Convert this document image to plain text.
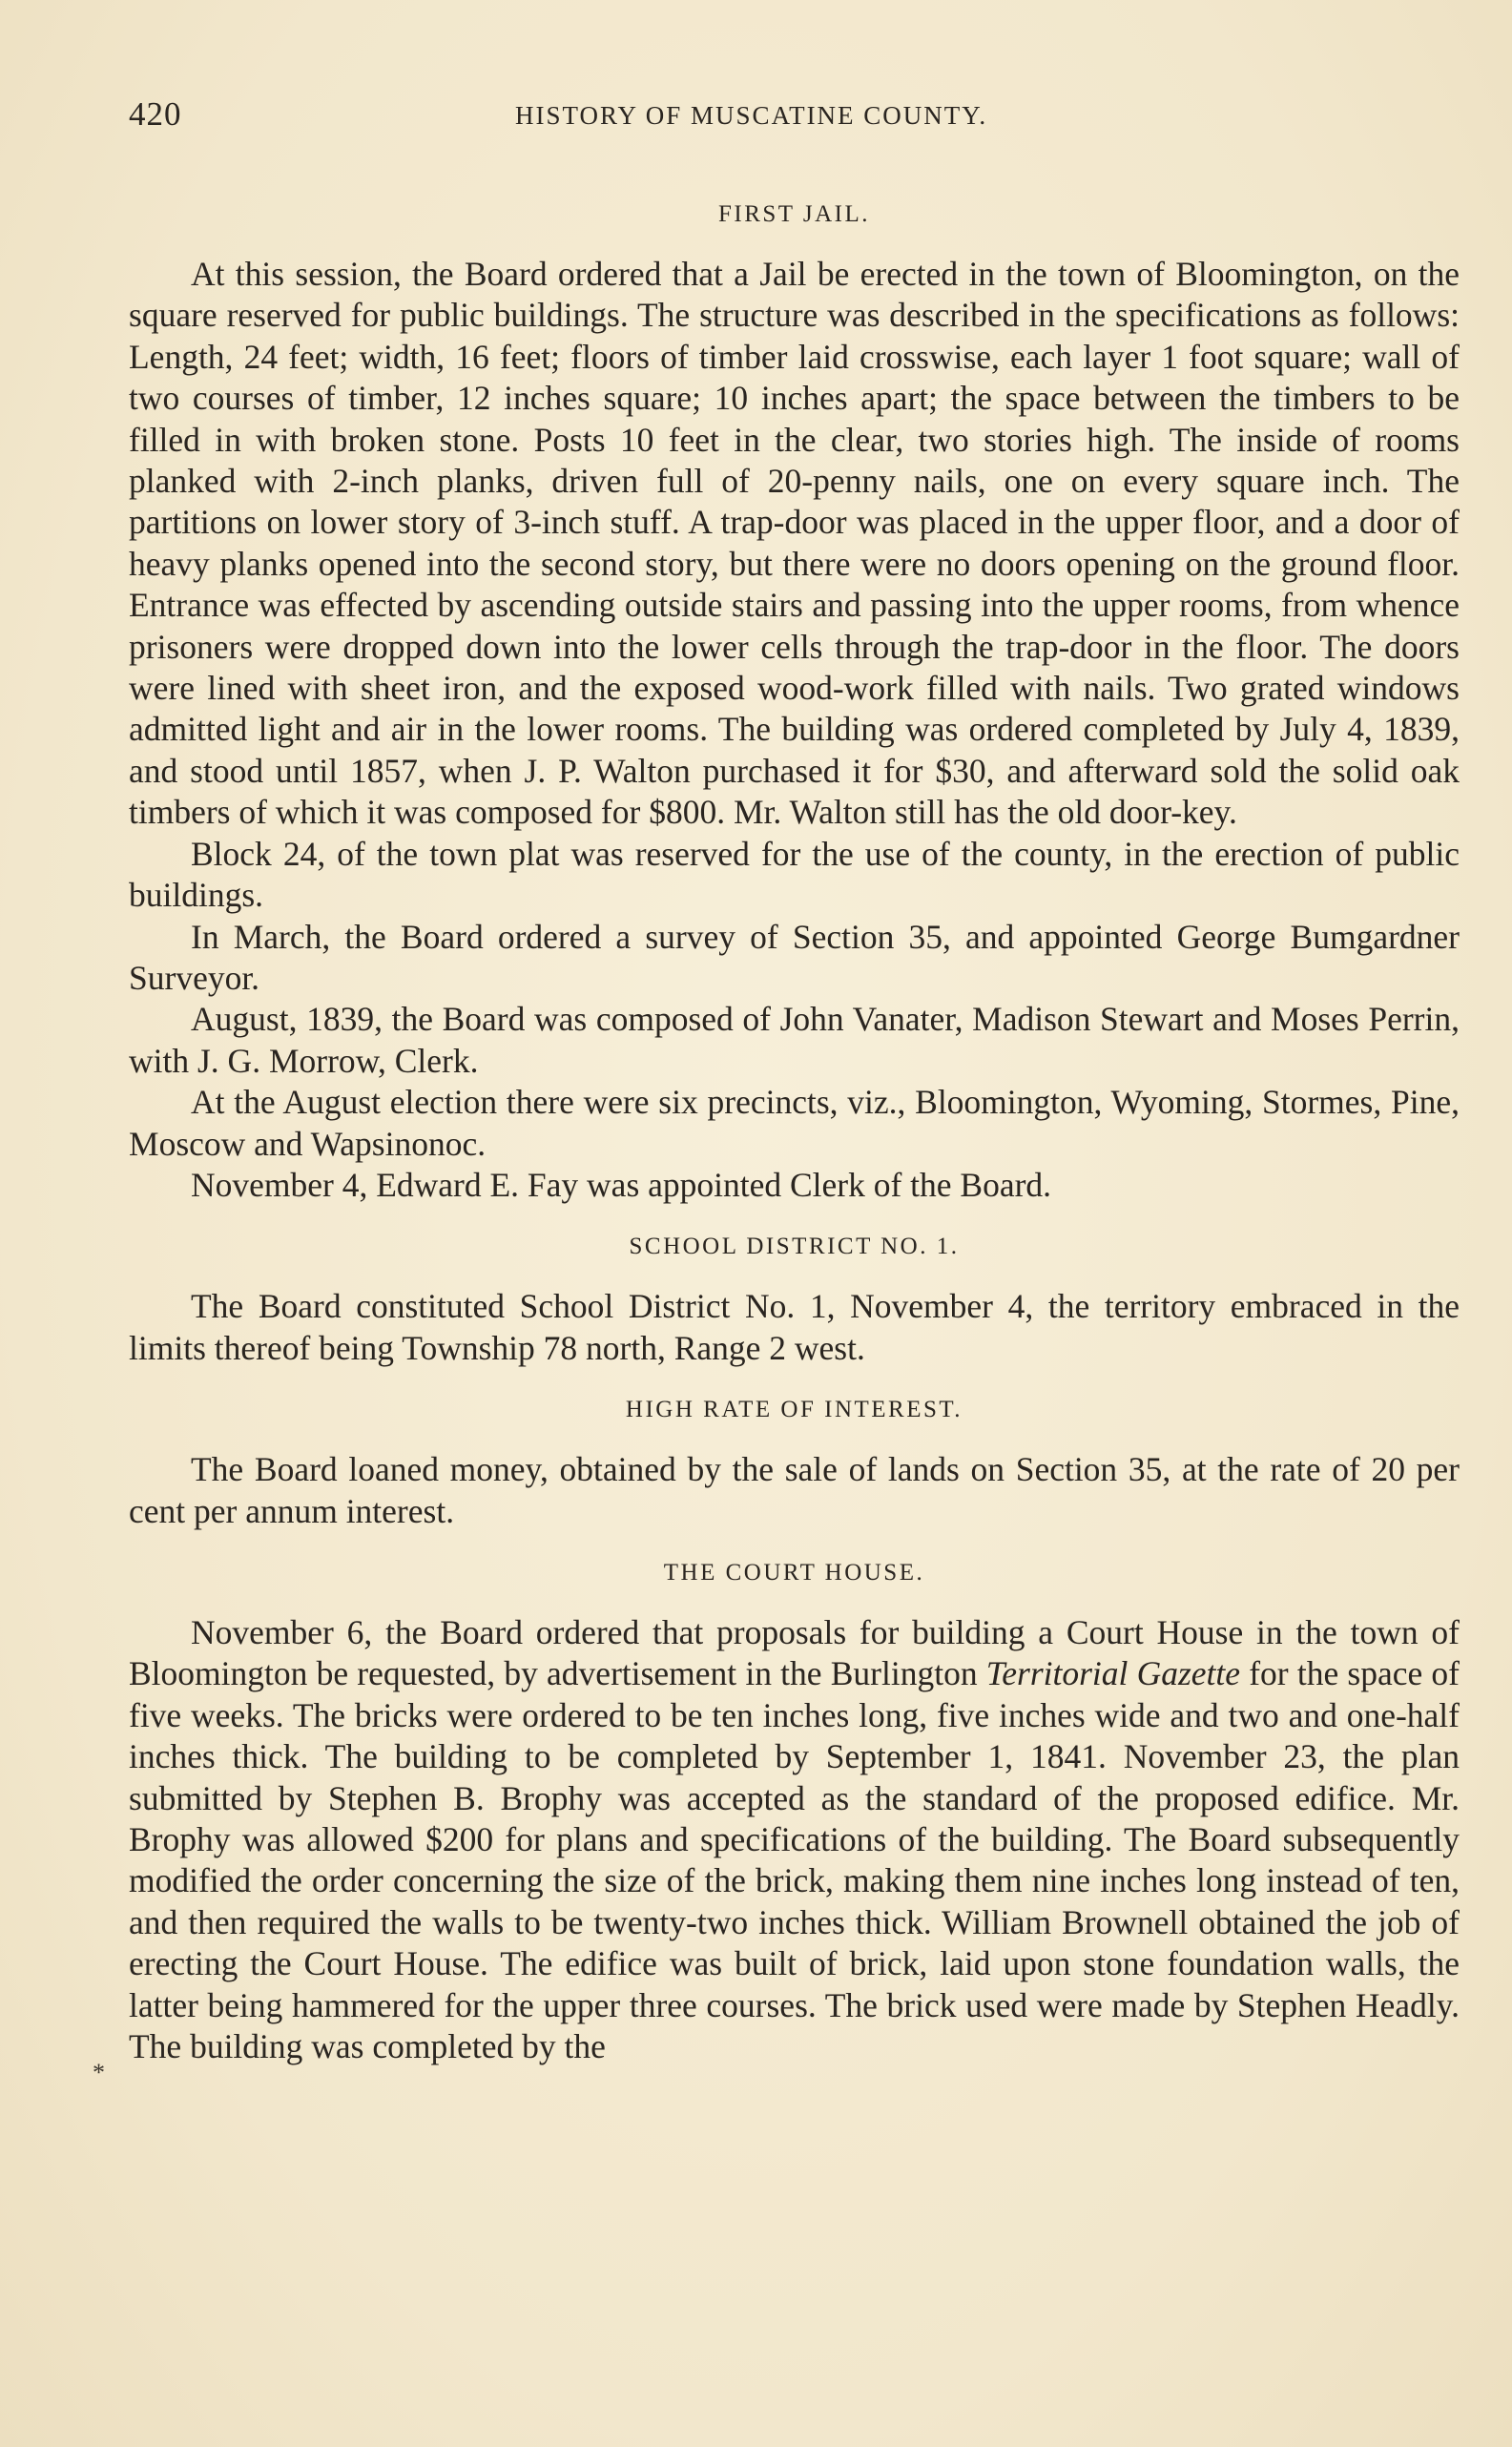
420	HISTORY OF MUSCATINE COUNTY.
FIRST JAIL.

At this session, the Board ordered that a Jail be erected in the town of Bloomington, on the square reserved for public buildings. The structure was described in the specifications as follows: Length, 24 feet; width, 16 feet; floors of timber laid crosswise, each layer 1 foot square; wall of two courses of timber, 12 inches square; 10 inches apart; the space between the timbers to be filled in with broken stone. Posts 10 feet in the clear, two stories high. The inside of rooms planked with 2-inch planks, driven full of 20-penny nails, one on every square inch. The partitions on lower story of 3-inch stuff. A trap-door was placed in the upper floor, and a door of heavy planks opened into the second story, but there were no doors opening on the ground floor. Entrance was effected by ascending outside stairs and passing into the upper rooms, from whence prisoners were dropped down into the lower cells through the trap-door in the floor. The doors were lined with sheet iron, and the exposed wood-work filled with nails. Two grated windows admitted light and air in the lower rooms. The building was ordered completed by July 4, 1839, and stood until 1857, when J. P. Walton purchased it for $30, and afterward sold the solid oak timbers of which it was composed for $800. Mr. Walton still has the old door-key.

Block 24, of the town plat was reserved for the use of the county, in the erection of public buildings.

In March, the Board ordered a survey of Section 35, and appointed George Bumgardner Surveyor.

August, 1839, the Board was composed of John Vanater, Madison Stewart and Moses Perrin, with J. G. Morrow, Clerk.

At the August election there were six precincts, viz., Bloomington, Wyoming, Stormes, Pine, Moscow and Wapsinonoc.

November 4, Edward E. Fay was appointed Clerk of the Board.

SCHOOL DISTRICT NO. 1.

The Board constituted School District No. 1, November 4, the territory embraced in the limits thereof being Township 78 north, Range 2 west.

HIGH RATE OF INTEREST.

The Board loaned money, obtained by the sale of lands on Section 35, at the rate of 20 per cent per annum interest.

THE COURT HOUSE.

November 6, the Board ordered that proposals for building a Court House in the town of Bloomington be requested, by advertisement in the Burlington Territorial Gazette for the space of five weeks. The bricks were ordered to be ten inches long, five inches wide and two and one-half inches thick. The building to be completed by September 1, 1841. November 23, the plan submitted by Stephen B. Brophy was accepted as the standard of the proposed edifice. Mr. Brophy was allowed $200 for plans and specifications of the building. The Board subsequently modified the order concerning the size of the brick, making them nine inches long instead of ten, and then required the walls to be twenty-two inches thick. William Brownell obtained the job of erecting the Court House. The edifice was built of brick, laid upon stone foundation walls, the latter being hammered for the upper three courses. The brick used were made by Stephen Headly. The building was completed by the

*
